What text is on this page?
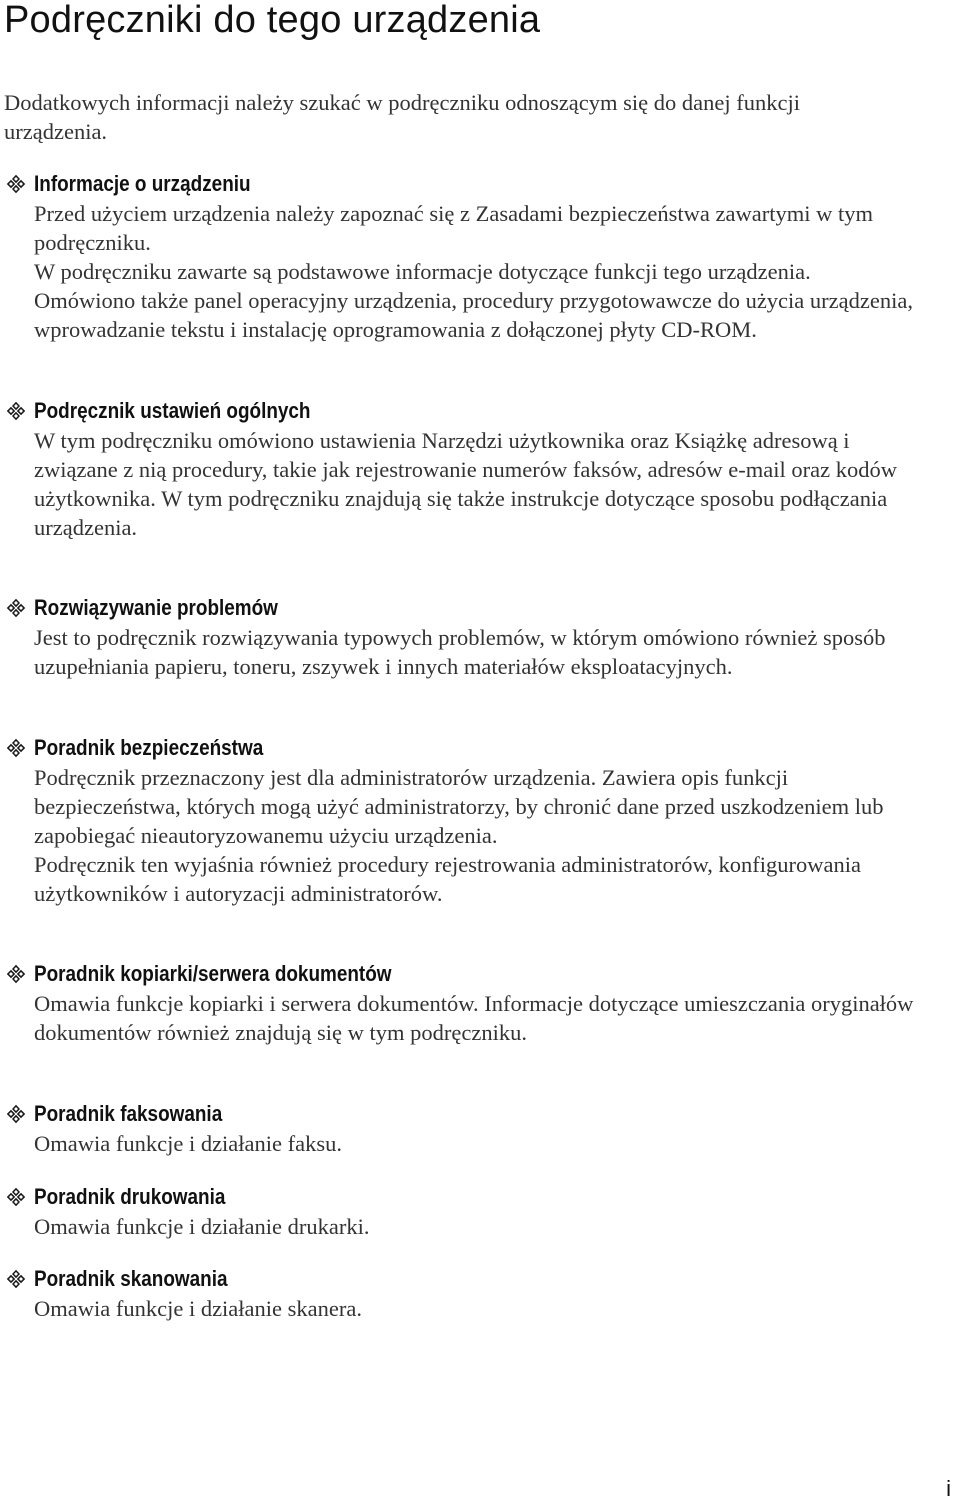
Podręczniki do tego urządzenia

Dodatkowych informacji należy szukać w podręczniku odnoszącym się do danej funkcji urządzenia.

Informacje o urządzeniu

Przed użyciem urządzenia należy zapoznać się z Zasadami bezpieczeństwa zawartymi w tym podręczniku.

W podręczniku zawarte są podstawowe informacje dotyczące funkcji tego urządzenia. Omówiono także panel operacyjny urządzenia, procedury przygotowawcze do użycia urządzenia, wprowadzanie tekstu i instalację oprogramowania z dołączonej płyty CD-ROM.

Podręcznik ustawień ogólnych

W tym podręczniku omówiono ustawienia Narzędzi użytkownika oraz Książkę adresową i związane z nią procedury, takie jak rejestrowanie numerów faksów, adresów e-mail oraz kodów użytkownika. W tym podręczniku znajdują się także instrukcje dotyczące sposobu podłączania urządzenia.

Rozwiązywanie problemów

Jest to podręcznik rozwiązywania typowych problemów, w którym omówiono również sposób uzupełniania papieru, toneru, zszywek i innych materiałów eksploatacyjnych.

Poradnik bezpieczeństwa

Podręcznik przeznaczony jest dla administratorów urządzenia. Zawiera opis funkcji bezpieczeństwa, których mogą użyć administratorzy, by chronić dane przed uszkodzeniem lub zapobiegać nieautoryzowanemu użyciu urządzenia.

Podręcznik ten wyjaśnia również procedury rejestrowania administratorów, konfigurowania użytkowników i autoryzacji administratorów.

Poradnik kopiarki/serwera dokumentów

Omawia funkcje kopiarki i serwera dokumentów. Informacje dotyczące umieszczania oryginałów dokumentów również znajdują się w tym podręczniku.

Poradnik faksowania

Omawia funkcje i działanie faksu.

Poradnik drukowania

Omawia funkcje i działanie drukarki.

Poradnik skanowania

Omawia funkcje i działanie skanera.

i
